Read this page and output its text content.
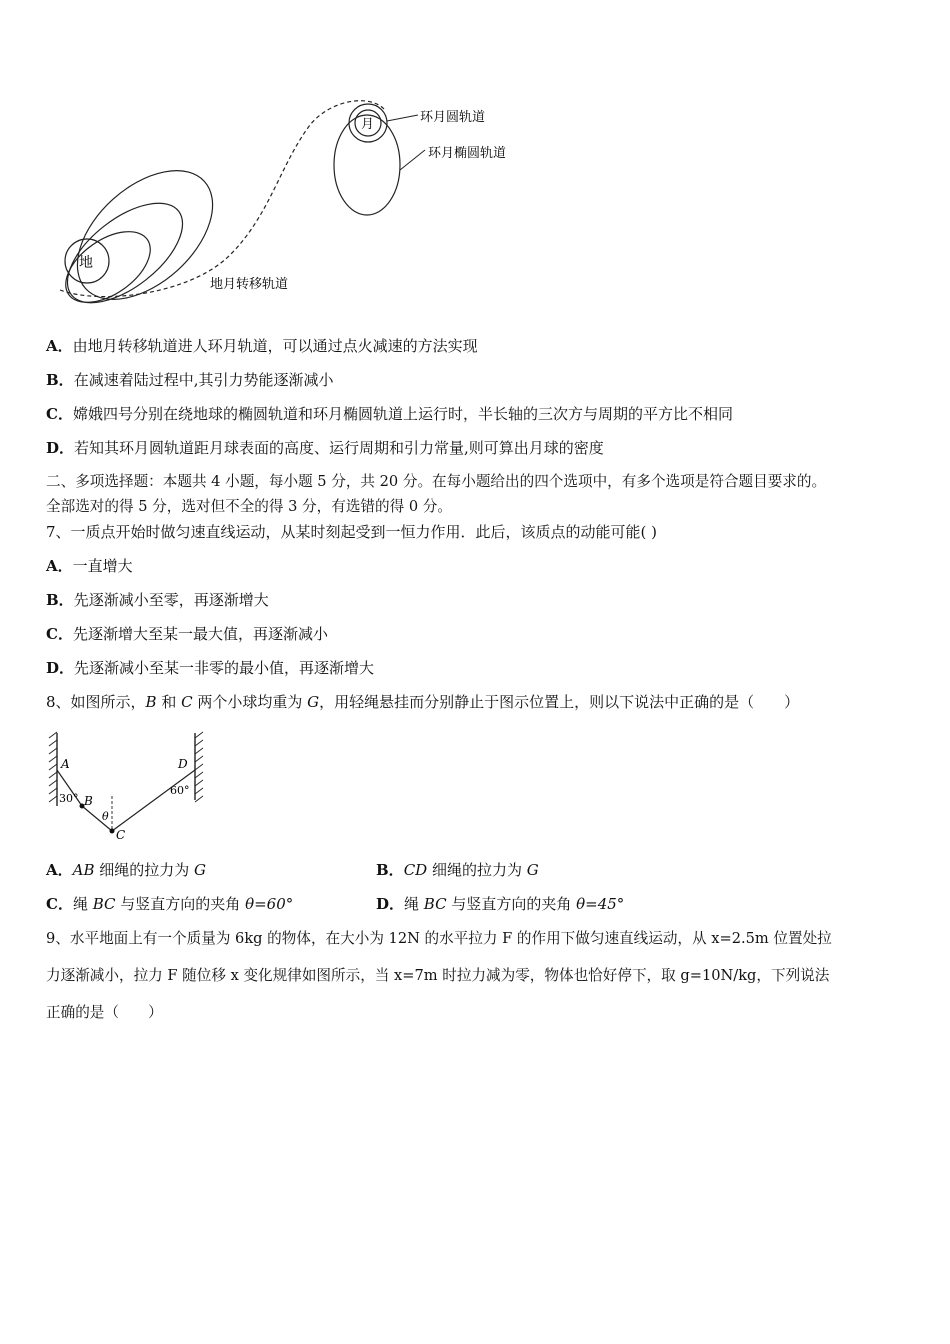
地
月	环月圆轨道
环月椭圆轨道
地月转移轨道
A．由地月转移轨道进人环月轨道，可以通过点火减速的方法实现
B．在减速着陆过程中,其引力势能逐渐减小
C．嫦娥四号分别在绕地球的椭圆轨道和环月椭圆轨道上运行时，半长轴的三次方与周期的平方比不相同
D．若知其环月圆轨道距月球表面的高度、运行周期和引力常量,则可算出月球的密度
二、多项选择题：本题共 4 小题，每小题 5 分，共 20 分。在每小题给出的四个选项中，有多个选项是符合题目要求的。
全部选对的得 5 分，选对但不全的得 3 分，有选错的得 0 分。
7、一质点开始时做匀速直线运动，从某时刻起受到一恒力作用．此后，该质点的动能可能( )
A．一直增大
B．先逐渐减小至零，再逐渐增大
C．先逐渐增大至某一最大值，再逐渐减小
D．先逐渐减小至某一非零的最小值，再逐渐增大
8、如图所示，B 和 C 两个小球均重为 G，用轻绳悬挂而分别静止于图示位置上，则以下说法中正确的是（　　）
A
B
C
D
30°
60°
θ
A．AB 细绳的拉力为 G	B．CD 细绳的拉力为 G
C．绳 BC 与竖直方向的夹角 θ=60°	D．绳 BC 与竖直方向的夹角 θ=45°
9、水平地面上有一个质量为 6kg 的物体，在大小为 12N 的水平拉力 F 的作用下做匀速直线运动，从 x=2.5m 位置处拉
力逐渐减小，拉力 F 随位移 x 变化规律如图所示，当 x=7m 时拉力减为零，物体也恰好停下，取 g=10N/kg，下列说法
正确的是（　　）
